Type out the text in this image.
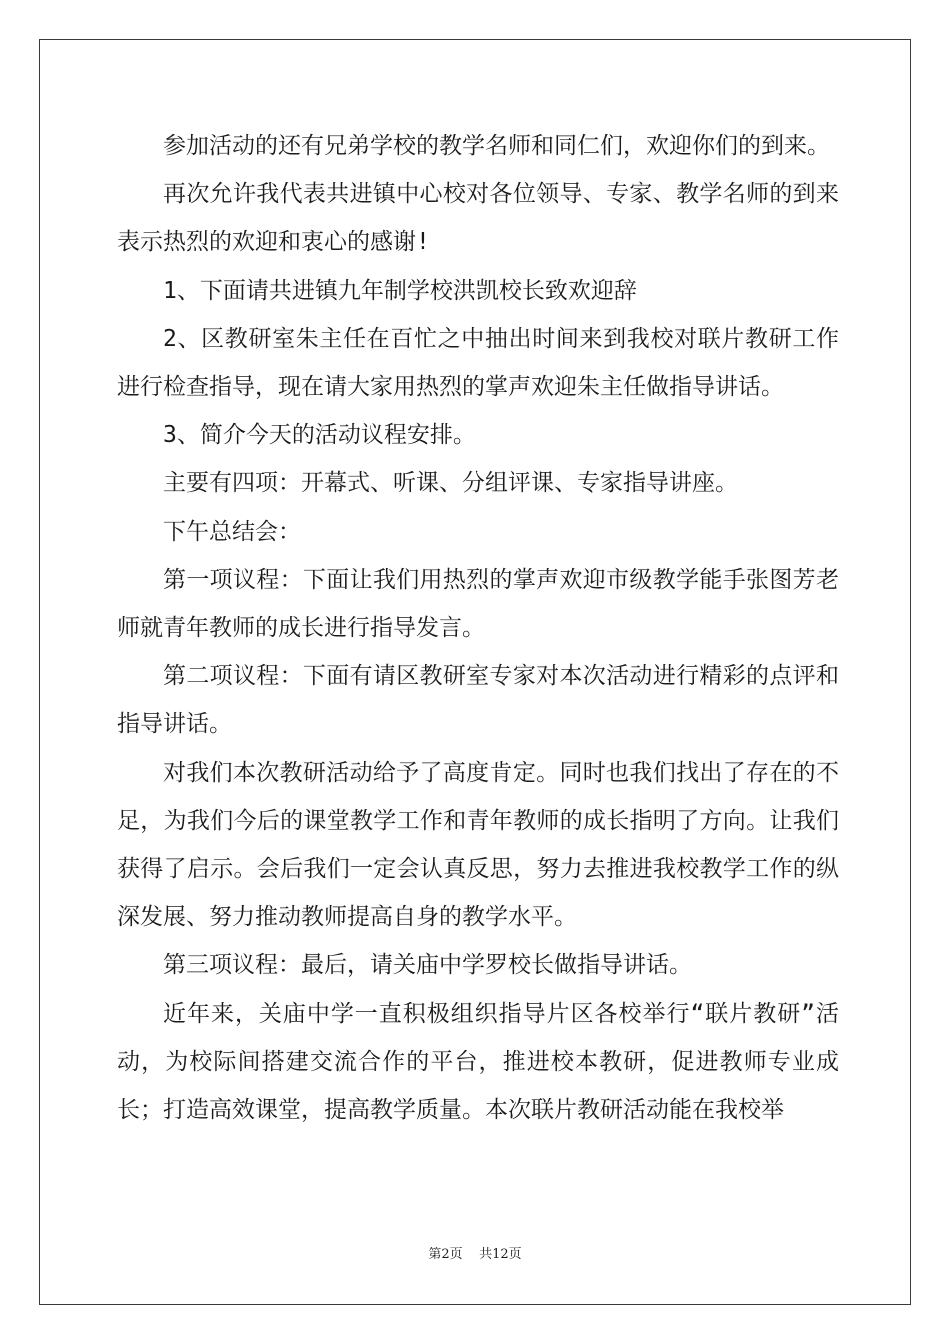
参加活动的还有兄弟学校的教学名师和同仁们，欢迎你们的到来。

再次允许我代表共进镇中心校对各位领导、专家、教学名师的到来表示热烈的欢迎和衷心的感谢!

1、下面请共进镇九年制学校洪凯校长致欢迎辞

2、区教研室朱主任在百忙之中抽出时间来到我校对联片教研工作进行检查指导，现在请大家用热烈的掌声欢迎朱主任做指导讲话。

3、简介今天的活动议程安排。

主要有四项：开幕式、听课、分组评课、专家指导讲座。

下午总结会：

第一项议程：下面让我们用热烈的掌声欢迎市级教学能手张图芳老师就青年教师的成长进行指导发言。

第二项议程：下面有请区教研室专家对本次活动进行精彩的点评和指导讲话。

对我们本次教研活动给予了高度肯定。同时也我们找出了存在的不足，为我们今后的课堂教学工作和青年教师的成长指明了方向。让我们获得了启示。会后我们一定会认真反思，努力去推进我校教学工作的纵深发展、努力推动教师提高自身的教学水平。

第三项议程：最后，请关庙中学罗校长做指导讲话。

近年来，关庙中学一直积极组织指导片区各校举行“联片教研”活动，为校际间搭建交流合作的平台，推进校本教研，促进教师专业成长；打造高效课堂，提高教学质量。本次联片教研活动能在我校举

第2页 共12页
